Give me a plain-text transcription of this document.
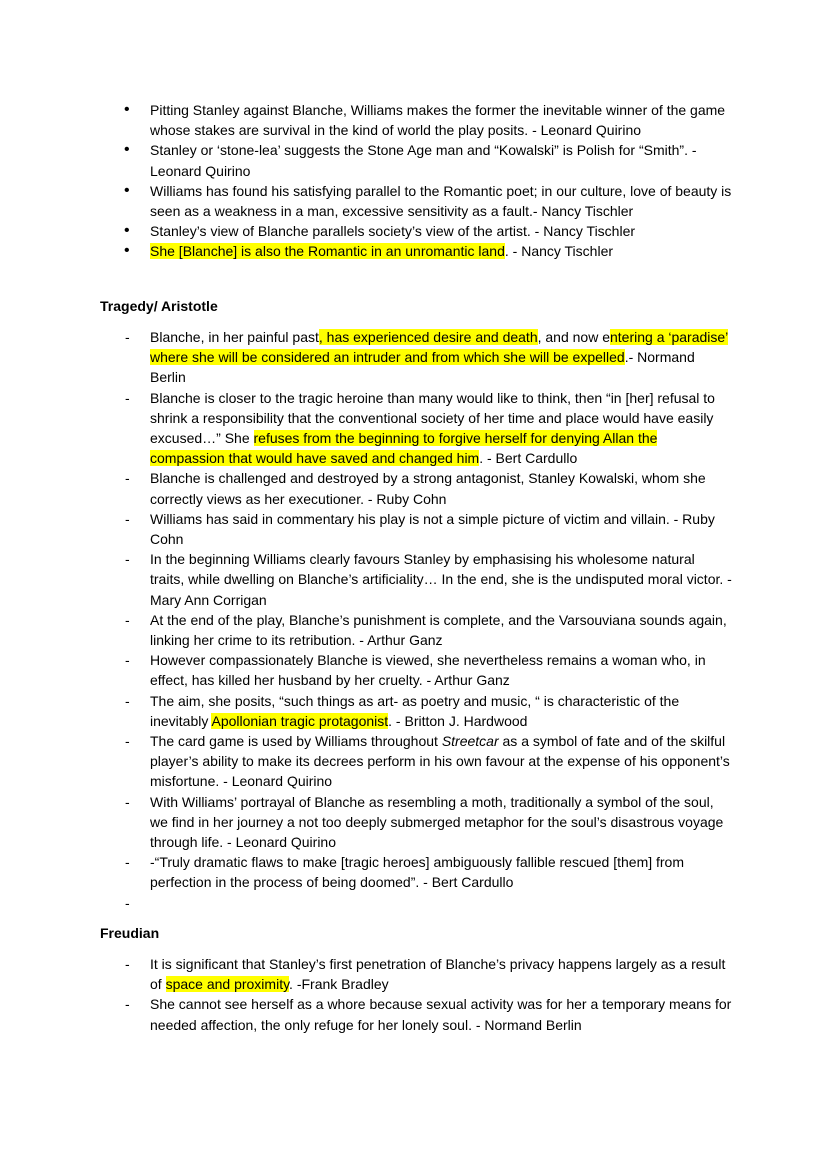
•	Pitting Stanley against Blanche, Williams makes the former the inevitable winner of the game whose stakes are survival in the kind of world the play posits. - Leonard Quirino
•	Stanley or ‘stone-lea’ suggests the Stone Age man and “Kowalski” is Polish for “Smith”. - Leonard Quirino
•	Williams has found his satisfying parallel to the Romantic poet; in our culture, love of beauty is seen as a weakness in a man, excessive sensitivity as a fault.- Nancy Tischler
•	Stanley’s view of Blanche parallels society’s view of the artist. - Nancy Tischler
•	She [Blanche] is also the Romantic in an unromantic land. - Nancy Tischler
Tragedy/ Aristotle
-	Blanche, in her painful past, has experienced desire and death, and now entering a ‘paradise’ where she will be considered an intruder and from which she will be expelled.- Normand Berlin
-	Blanche is closer to the tragic heroine than many would like to think, then “in [her] refusal to shrink a responsibility that the conventional society of her time and place would have easily excused…” She refuses from the beginning to forgive herself for denying Allan the compassion that would have saved and changed him. - Bert Cardullo
-	Blanche is challenged and destroyed by a strong antagonist, Stanley Kowalski, whom she correctly views as her executioner. - Ruby Cohn
-	Williams has said in commentary his play is not a simple picture of victim and villain. - Ruby Cohn
-	In the beginning Williams clearly favours Stanley by emphasising his wholesome natural traits, while dwelling on Blanche’s artificiality… In the end, she is the undisputed moral victor. - Mary Ann Corrigan
-	At the end of the play, Blanche’s punishment is complete, and the Varsouviana sounds again, linking her crime to its retribution. - Arthur Ganz
-	However compassionately Blanche is viewed, she nevertheless remains a woman who, in effect, has killed her husband by her cruelty. - Arthur Ganz
-	The aim, she posits, “such things as art- as poetry and music, “ is characteristic of the inevitably Apollonian tragic protagonist. - Britton J. Hardwood
-	The card game is used by Williams throughout Streetcar as a symbol of fate and of the skilful player’s ability to make its decrees perform in his own favour at the expense of his opponent’s misfortune. - Leonard Quirino
-	With Williams’ portrayal of Blanche as resembling a moth, traditionally a symbol of the soul, we find in her journey a not too deeply submerged metaphor for the soul’s disastrous voyage through life. - Leonard Quirino
-	-“Truly dramatic flaws to make [tragic heroes] ambiguously fallible rescued [them] from perfection in the process of being doomed”. - Bert Cardullo
-
Freudian
-	It is significant that Stanley’s first penetration of Blanche’s privacy happens largely as a result of space and proximity. -Frank Bradley
-	She cannot see herself as a whore because sexual activity was for her a temporary means for needed affection, the only refuge for her lonely soul. - Normand Berlin
